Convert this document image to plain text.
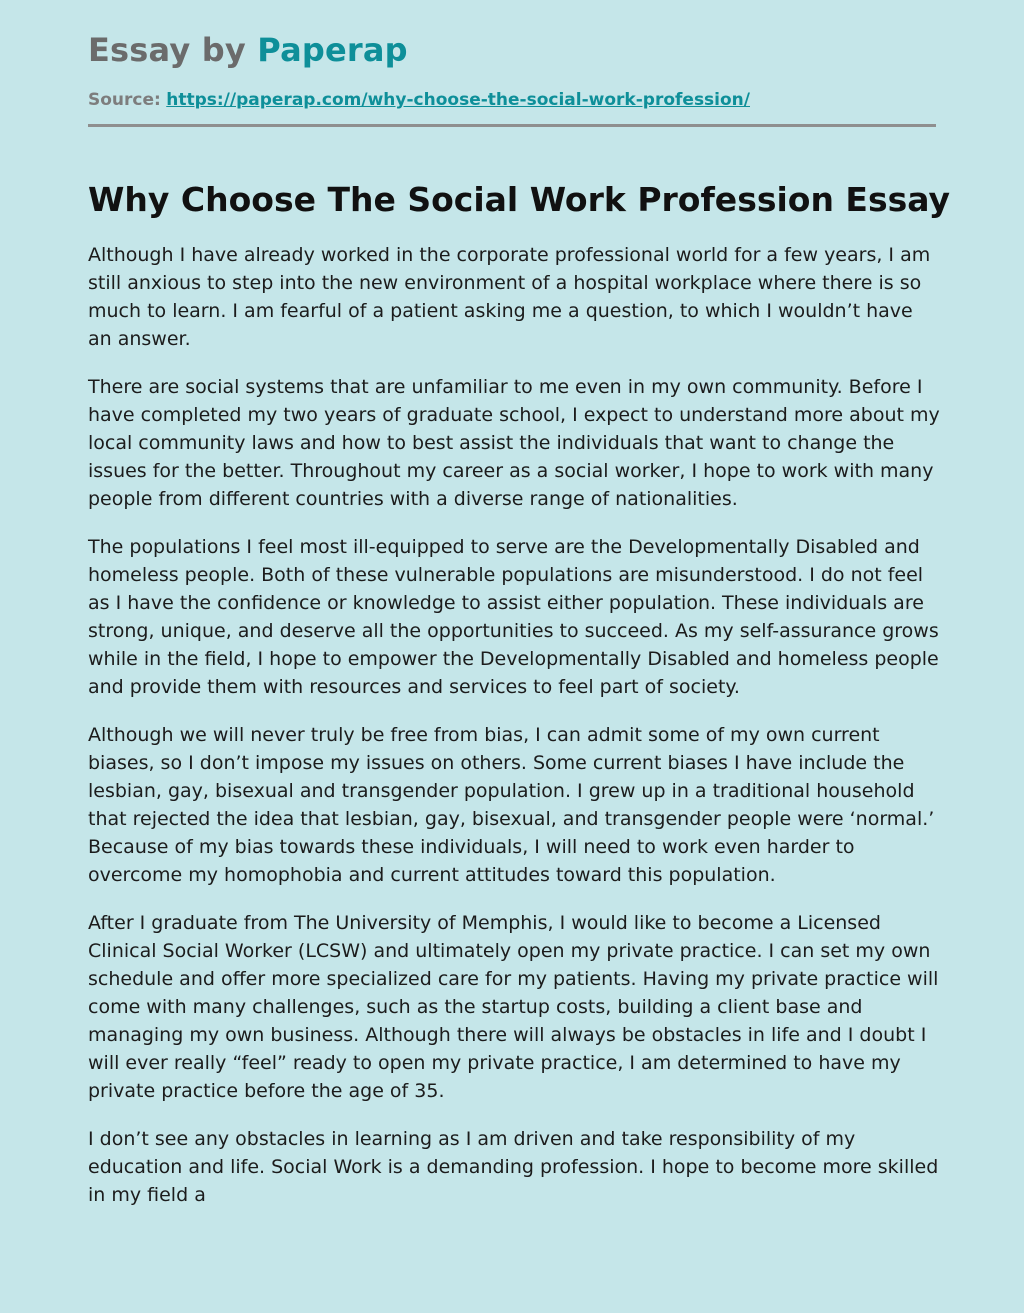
Essay by Paperap
Source: https://paperap.com/why-choose-the-social-work-profession/
Why Choose The Social Work Profession Essay

Although I have already worked in the corporate professional world for a few years, I am still anxious to step into the new environment of a hospital workplace where there is so much to learn. I am fearful of a patient asking me a question, to which I wouldn’t have an answer.

There are social systems that are unfamiliar to me even in my own community. Before I have completed my two years of graduate school, I expect to understand more about my local community laws and how to best assist the individuals that want to change the issues for the better. Throughout my career as a social worker, I hope to work with many people from different countries with a diverse range of nationalities.

The populations I feel most ill-equipped to serve are the Developmentally Disabled and homeless people. Both of these vulnerable populations are misunderstood. I do not feel as I have the confidence or knowledge to assist either population. These individuals are strong, unique, and deserve all the opportunities to succeed. As my self-assurance grows while in the field, I hope to empower the Developmentally Disabled and homeless people and provide them with resources and services to feel part of society.

Although we will never truly be free from bias, I can admit some of my own current biases, so I don’t impose my issues on others. Some current biases I have include the lesbian, gay, bisexual and transgender population. I grew up in a traditional household that rejected the idea that lesbian, gay, bisexual, and transgender people were ‘normal.’ Because of my bias towards these individuals, I will need to work even harder to overcome my homophobia and current attitudes toward this population.

After I graduate from The University of Memphis, I would like to become a Licensed Clinical Social Worker (LCSW) and ultimately open my private practice. I can set my own schedule and offer more specialized care for my patients. Having my private practice will come with many challenges, such as the startup costs, building a client base and managing my own business. Although there will always be obstacles in life and I doubt I will ever really “feel” ready to open my private practice, I am determined to have my private practice before the age of 35.

I don’t see any obstacles in learning as I am driven and take responsibility of my education and life. Social Work is a demanding profession. I hope to become more skilled in my field a
